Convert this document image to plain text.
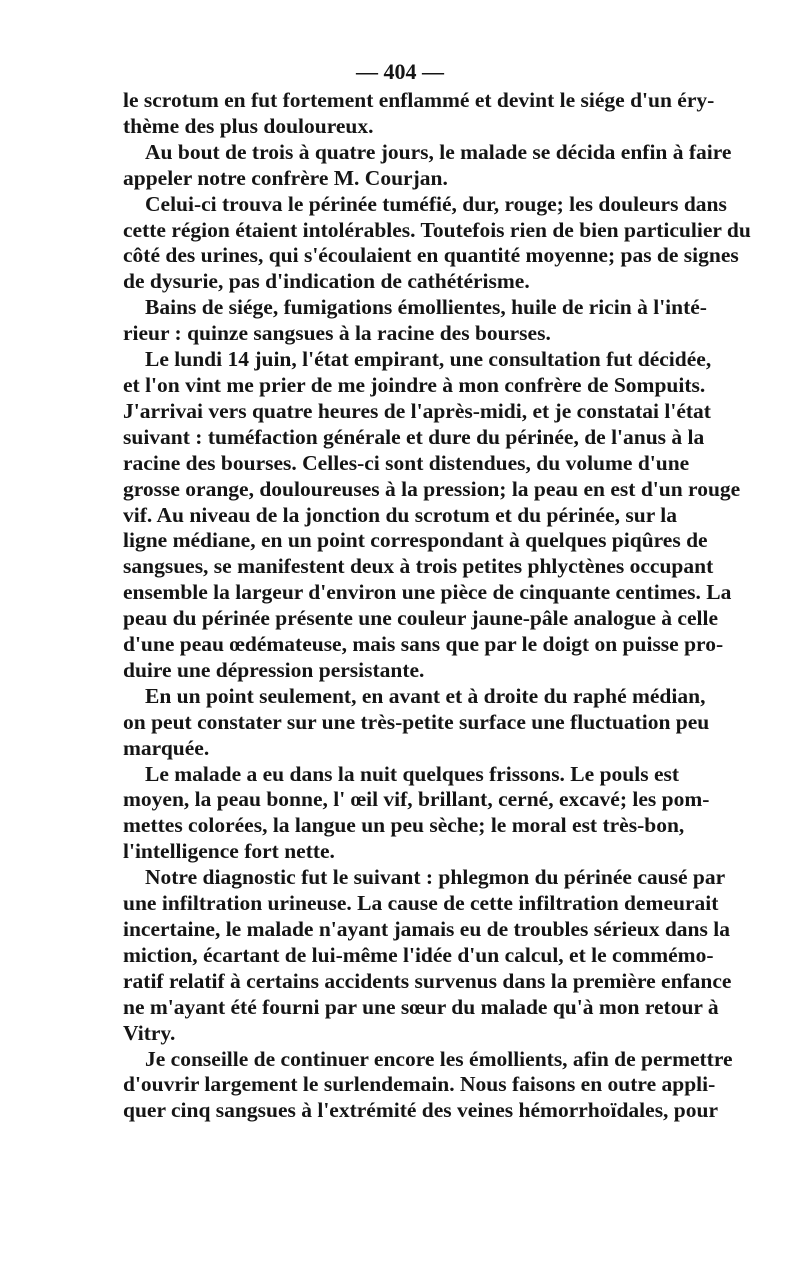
— 404 —

le scrotum en fut fortement enflammé et devint le siége d'un éry-
thème des plus douloureux.

Au bout de trois à quatre jours, le malade se décida enfin à faire
appeler notre confrère M. Courjan.

Celui-ci trouva le périnée tuméfié, dur, rouge; les douleurs dans
cette région étaient intolérables. Toutefois rien de bien particulier du
côté des urines, qui s'écoulaient en quantité moyenne; pas de signes
de dysurie, pas d'indication de cathétérisme.

Bains de siége, fumigations émollientes, huile de ricin à l'inté-
rieur : quinze sangsues à la racine des bourses.

Le lundi 14 juin, l'état empirant, une consultation fut décidée,
et l'on vint me prier de me joindre à mon confrère de Sompuits.
J'arrivai vers quatre heures de l'après-midi, et je constatai l'état
suivant : tuméfaction générale et dure du périnée, de l'anus à la
racine des bourses. Celles-ci sont distendues, du volume d'une
grosse orange, douloureuses à la pression; la peau en est d'un rouge
vif. Au niveau de la jonction du scrotum et du périnée, sur la
ligne médiane, en un point correspondant à quelques piqûres de
sangsues, se manifestent deux à trois petites phlyctènes occupant
ensemble la largeur d'environ une pièce de cinquante centimes. La
peau du périnée présente une couleur jaune-pâle analogue à celle
d'une peau œdémateuse, mais sans que par le doigt on puisse pro-
duire une dépression persistante.

En un point seulement, en avant et à droite du raphé médian,
on peut constater sur une très-petite surface une fluctuation peu
marquée.

Le malade a eu dans la nuit quelques frissons. Le pouls est
moyen, la peau bonne, l' œil vif, brillant, cerné, excavé; les pom-
mettes colorées, la langue un peu sèche; le moral est très-bon,
l'intelligence fort nette.

Notre diagnostic fut le suivant : phlegmon du périnée causé par
une infiltration urineuse. La cause de cette infiltration demeurait
incertaine, le malade n'ayant jamais eu de troubles sérieux dans la
miction, écartant de lui-même l'idée d'un calcul, et le commémo-
ratif relatif à certains accidents survenus dans la première enfance
ne m'ayant été fourni par une sœur du malade qu'à mon retour à
Vitry.

Je conseille de continuer encore les émollients, afin de permettre
d'ouvrir largement le surlendemain. Nous faisons en outre appli-
quer cinq sangsues à l'extrémité des veines hémorrhoïdales, pour
